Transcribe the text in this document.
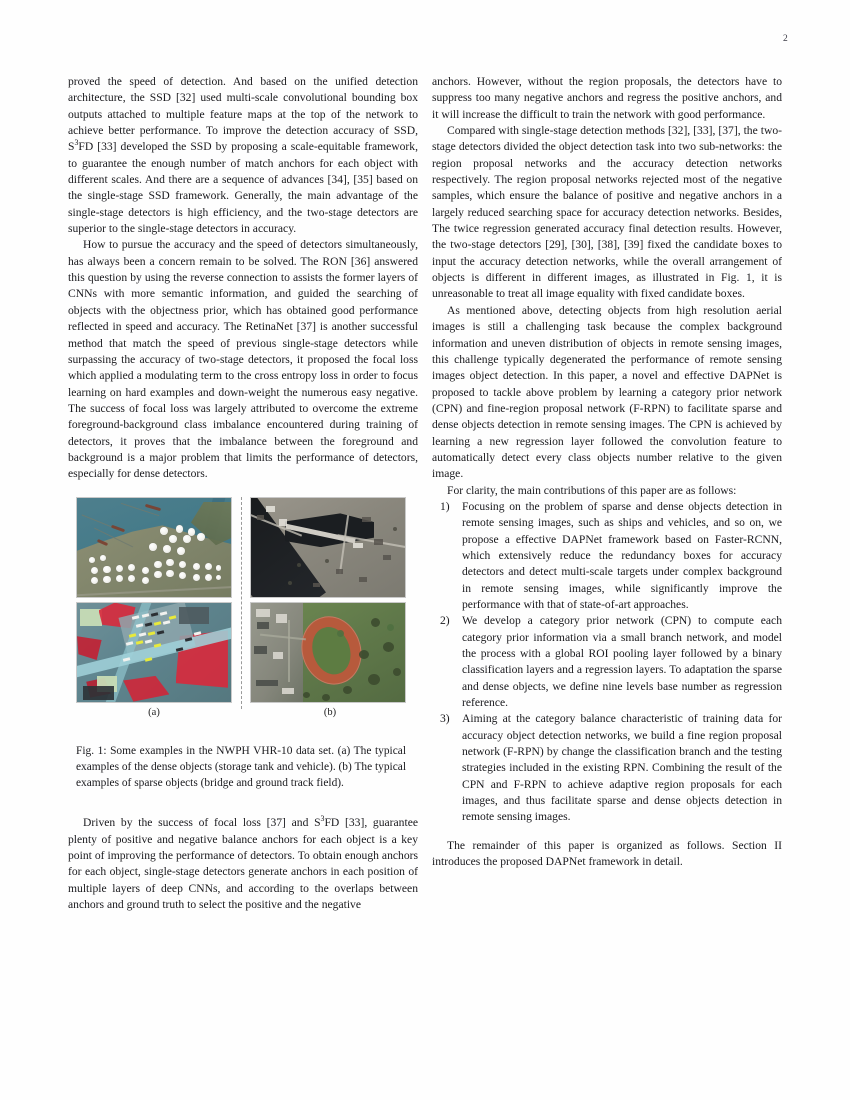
2

proved the speed of detection. And based on the unified detection architecture, the SSD [32] used multi-scale convolutional bounding box outputs attached to multiple feature maps at the top of the network to achieve better performance. To improve the detection accuracy of SSD, $S^3FD$ [33] developed the SSD by proposing a scale-equitable framework, to guarantee the enough number of match anchors for each object with different scales. And there are a sequence of advances [34], [35] based on the single-stage SSD framework. Generally, the main advantage of the single-stage detectors is high efficiency, and the two-stage detectors are superior to the single-stage detectors in accuracy.

How to pursue the accuracy and the speed of detectors simultaneously, has always been a concern remain to be solved. The RON [36] answered this question by using the reverse connection to assists the former layers of CNNs with more semantic information, and guided the searching of objects with the objectness prior, which has obtained good performance reflected in speed and accuracy. The RetinaNet [37] is another successful method that match the speed of previous single-stage detectors while surpassing the accuracy of two-stage detectors, it proposed the focal loss which applied a modulating term to the cross entropy loss in order to focus learning on hard examples and down-weight the numerous easy negative. The success of focal loss was largely attributed to overcome the extreme foreground-background class imbalance encountered during training of detectors, it proves that the imbalance between the foreground and background is a major problem that limits the performance of detectors, especially for dense detectors.

(a)	(b)
Fig. 1: Some examples in the NWPH VHR-10 data set. (a) The typical examples of the dense objects (storage tank and vehicle). (b) The typical examples of sparse objects (bridge and ground track field).

Driven by the success of focal loss [37] and $S^3FD$ [33], guarantee plenty of positive and negative balance anchors for each object is a key point of improving the performance of detectors. To obtain enough anchors for each object, single-stage detectors generate anchors in each position of multiple layers of deep CNNs, and according to the overlaps between anchors and ground truth to select the positive and the negative

anchors. However, without the region proposals, the detectors have to suppress too many negative anchors and regress the positive anchors, and it will increase the difficult to train the network with good performance.

Compared with single-stage detection methods [32], [33], [37], the two-stage detectors divided the object detection task into two sub-networks: the region proposal networks and the accuracy detection networks respectively. The region proposal networks rejected most of the negative samples, which ensure the balance of positive and negative anchors in a largely reduced searching space for accuracy detection networks. Besides, The twice regression generated accuracy final detection results. However, the two-stage detectors [29], [30], [38], [39] fixed the candidate boxes to input the accuracy detection networks, while the overall arrangement of objects is different in different images, as illustrated in Fig. 1, it is unreasonable to treat all image equality with fixed candidate boxes.

As mentioned above, detecting objects from high resolution aerial images is still a challenging task because the complex background information and uneven distribution of objects in remote sensing images, this challenge typically degenerated the performance of remote sensing images object detection. In this paper, a novel and effective DAPNet is proposed to tackle above problem by learning a category prior network (CPN) and fine-region proposal network (F-RPN) to facilitate sparse and dense objects detection in remote sensing images. The CPN is achieved by learning a new regression layer followed the convolution feature to automatically detect every class objects number relative to the given image.

For clarity, the main contributions of this paper are as follows:

1)	Focusing on the problem of sparse and dense objects detection in remote sensing images, such as ships and vehicles, and so on, we propose a effective DAPNet framework based on Faster-RCNN, which extensively reduce the redundancy boxes for accuracy detectors and detect multi-scale targets under complex background in remote sensing images, while significantly improve the performance with that of state-of-art approaches.
2)	We develop a category prior network (CPN) to compute each category prior information via a small branch network, and model the process with a global ROI pooling layer followed by a binary classification layers and a regression layers. To adaptation the sparse and dense objects, we define nine levels base number as regression reference.
3)	Aiming at the category balance characteristic of training data for accuracy object detection networks, we build a fine region proposal network (F-RPN) by change the classification branch and the testing strategies included in the existing RPN. Combining the result of the CPN and F-RPN to achieve adaptive region proposals for each images, and thus facilitate sparse and dense objects detection in remote sensing images.

The remainder of this paper is organized as follows. Section II introduces the proposed DAPNet framework in detail.
